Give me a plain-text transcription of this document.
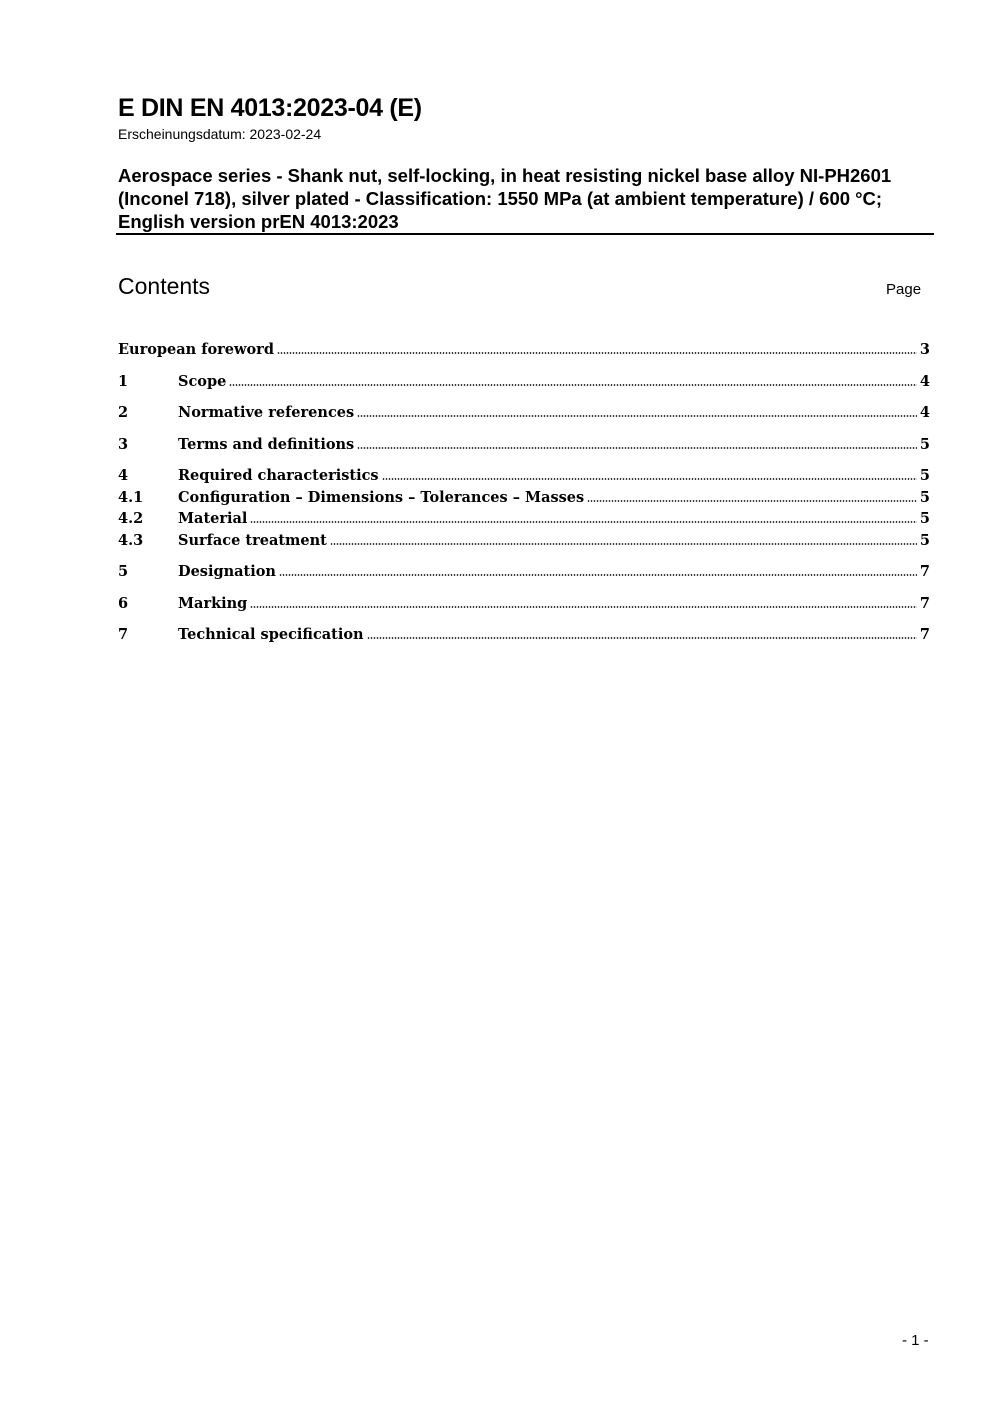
E DIN EN 4013:2023-04 (E)
Erscheinungsdatum: 2023-02-24
Aerospace series - Shank nut, self-locking, in heat resisting nickel base alloy NI-PH2601 (Inconel 718), silver plated - Classification: 1550 MPa (at ambient temperature) / 600 °C; English version prEN 4013:2023
Contents	Page
European foreword	3
1	Scope	4
2	Normative references	4
3	Terms and definitions	5
4	Required characteristics	5
4.1	Configuration – Dimensions – Tolerances – Masses	5
4.2	Material	5
4.3	Surface treatment	5
5	Designation	7
6	Marking	7
7	Technical specification	7
- 1 -
